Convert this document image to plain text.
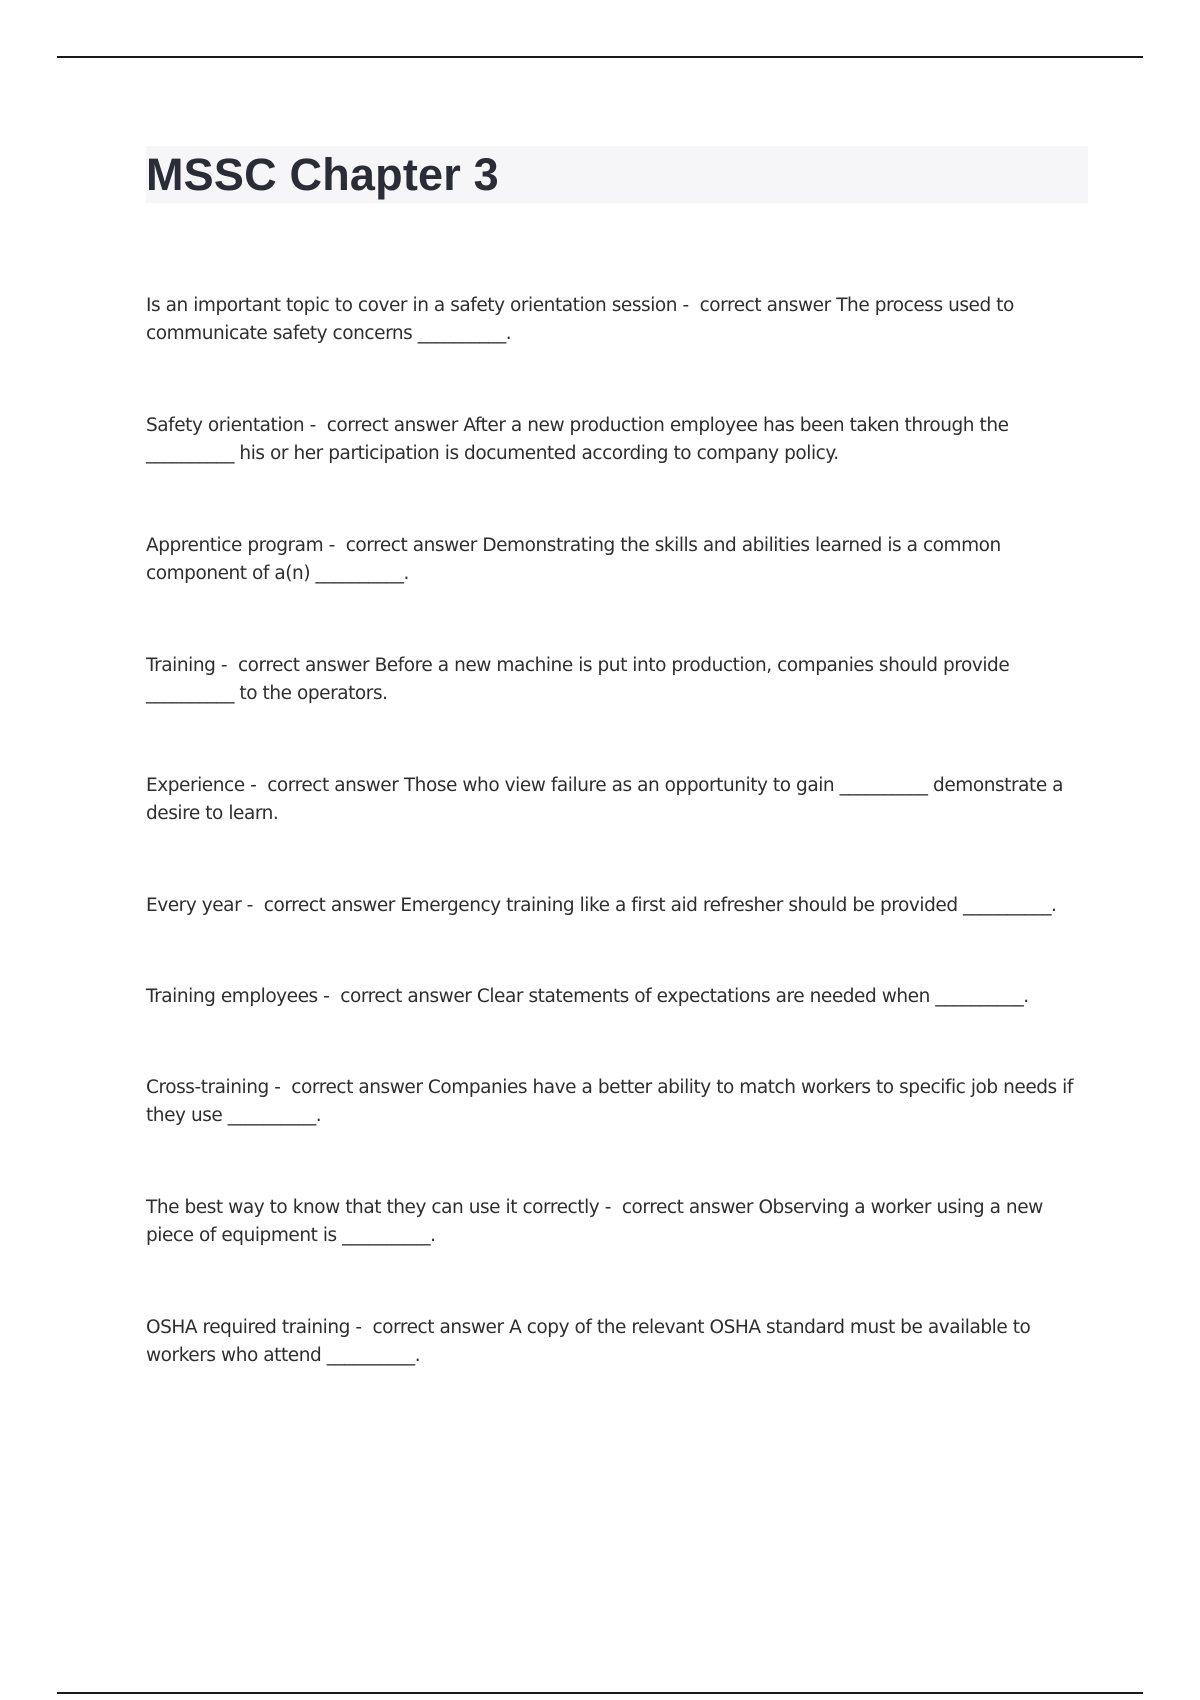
MSSC Chapter 3
Is an important topic to cover in a safety orientation session -  correct answer The process used to communicate safety concerns __________.
Safety orientation -  correct answer After a new production employee has been taken through the __________ his or her participation is documented according to company policy.
Apprentice program -  correct answer Demonstrating the skills and abilities learned is a common component of a(n) __________.
Training -  correct answer Before a new machine is put into production, companies should provide __________ to the operators.
Experience -  correct answer Those who view failure as an opportunity to gain __________ demonstrate a desire to learn.
Every year -  correct answer Emergency training like a first aid refresher should be provided __________.
Training employees -  correct answer Clear statements of expectations are needed when __________.
Cross-training -  correct answer Companies have a better ability to match workers to specific job needs if they use __________.
The best way to know that they can use it correctly -  correct answer Observing a worker using a new piece of equipment is __________.
OSHA required training -  correct answer A copy of the relevant OSHA standard must be available to workers who attend __________.
